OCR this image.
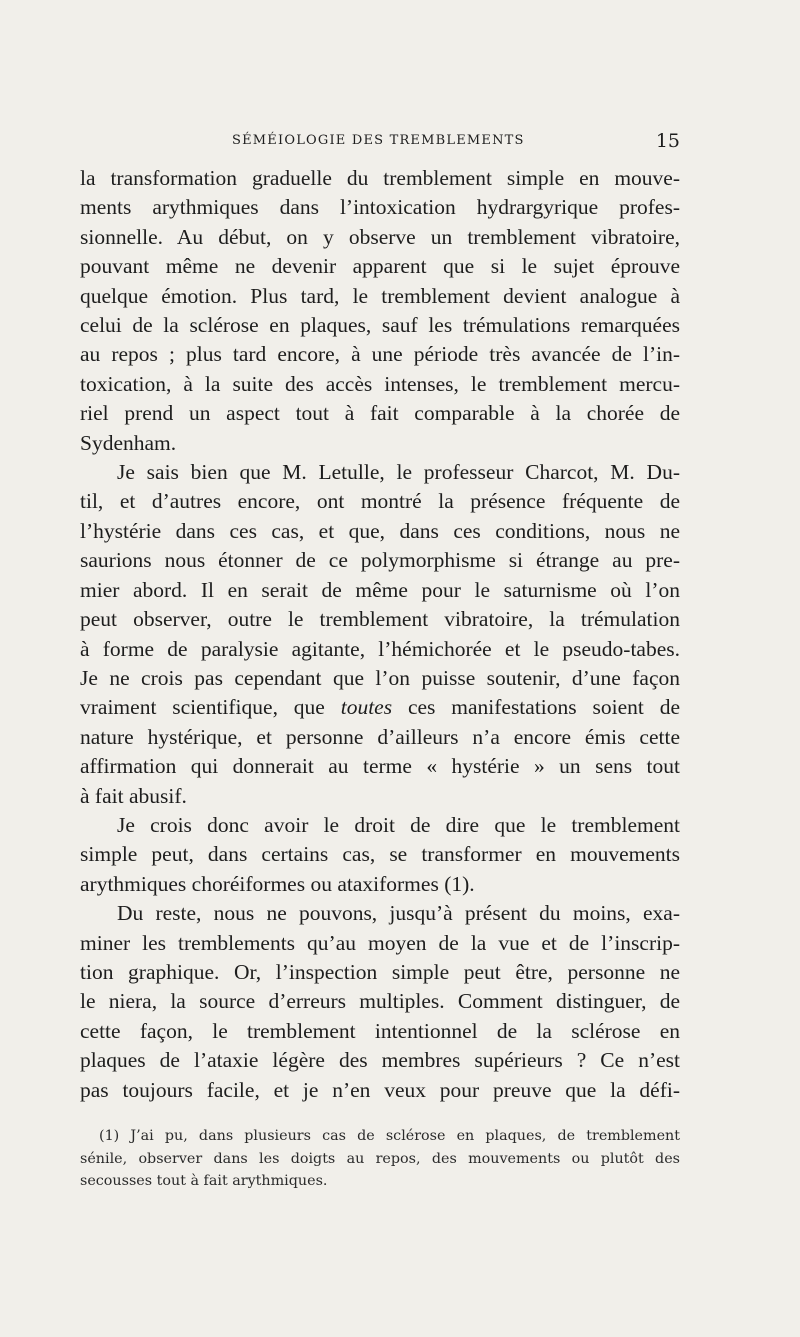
SÉMÉIOLOGIE DES TREMBLEMENTS	15

la transformation graduelle du tremblement simple en mouve-
ments arythmiques dans l’intoxication hydrargyrique profes-
sionnelle. Au début, on y observe un tremblement vibratoire,
pouvant même ne devenir apparent que si le sujet éprouve
quelque émotion. Plus tard, le tremblement devient analogue à
celui de la sclérose en plaques, sauf les trémulations remarquées
au repos ; plus tard encore, à une période très avancée de l’in-
toxication, à la suite des accès intenses, le tremblement mercu-
riel prend un aspect tout à fait comparable à la chorée de
Sydenham.

Je sais bien que M. Letulle, le professeur Charcot, M. Du-
til, et d’autres encore, ont montré la présence fréquente de
l’hystérie dans ces cas, et que, dans ces conditions, nous ne
saurions nous étonner de ce polymorphisme si étrange au pre-
mier abord. Il en serait de même pour le saturnisme où l’on
peut observer, outre le tremblement vibratoire, la trémulation
à forme de paralysie agitante, l’hémichorée et le pseudo-tabes.
Je ne crois pas cependant que l’on puisse soutenir, d’une façon
vraiment scientifique, que toutes ces manifestations soient de
nature hystérique, et personne d’ailleurs n’a encore émis cette
affirmation qui donnerait au terme « hystérie » un sens tout
à fait abusif.

Je crois donc avoir le droit de dire que le tremblement
simple peut, dans certains cas, se transformer en mouvements
arythmiques choréiformes ou ataxiformes (1).

Du reste, nous ne pouvons, jusqu’à présent du moins, exa-
miner les tremblements qu’au moyen de la vue et de l’inscrip-
tion graphique. Or, l’inspection simple peut être, personne ne
le niera, la source d’erreurs multiples. Comment distinguer, de
cette façon, le tremblement intentionnel de la sclérose en
plaques de l’ataxie légère des membres supérieurs ? Ce n’est
pas toujours facile, et je n’en veux pour preuve que la défi-

(1) J’ai pu, dans plusieurs cas de sclérose en plaques, de tremblement
sénile, observer dans les doigts au repos, des mouvements ou plutôt des
secousses tout à fait arythmiques.
